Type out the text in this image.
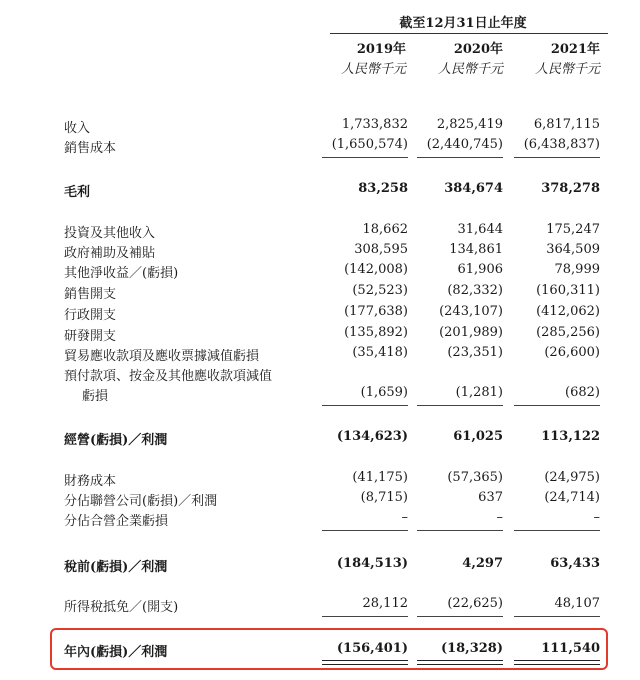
截至12月31日止年度
2019年	2020年	2021年
人民幣千元	人民幣千元	人民幣千元
收入	1,733,832	2,825,419	6,817,115
銷售成本	(1,650,574)	(2,440,745)	(6,438,837)
毛利	83,258	384,674	378,278
投資及其他收入	18,662	31,644	175,247
政府補助及補貼	308,595	134,861	364,509
其他淨收益／(虧損)	(142,008)	61,906	78,999
銷售開支	(52,523)	(82,332)	(160,311)
行政開支	(177,638)	(243,107)	(412,062)
研發開支	(135,892)	(201,989)	(285,256)
貿易應收款項及應收票據減值虧損	(35,418)	(23,351)	(26,600)
預付款項、按金及其他應收款項減值
虧損	(1,659)	(1,281)	(682)
經營(虧損)／利潤	(134,623)	61,025	113,122
財務成本	(41,175)	(57,365)	(24,975)
分佔聯營公司(虧損)／利潤	(8,715)	637	(24,714)
分佔合營企業虧損	–	–	–
稅前(虧損)／利潤	(184,513)	4,297	63,433
所得稅抵免／(開支)	28,112	(22,625)	48,107
年內(虧損)／利潤	(156,401)	(18,328)	111,540
